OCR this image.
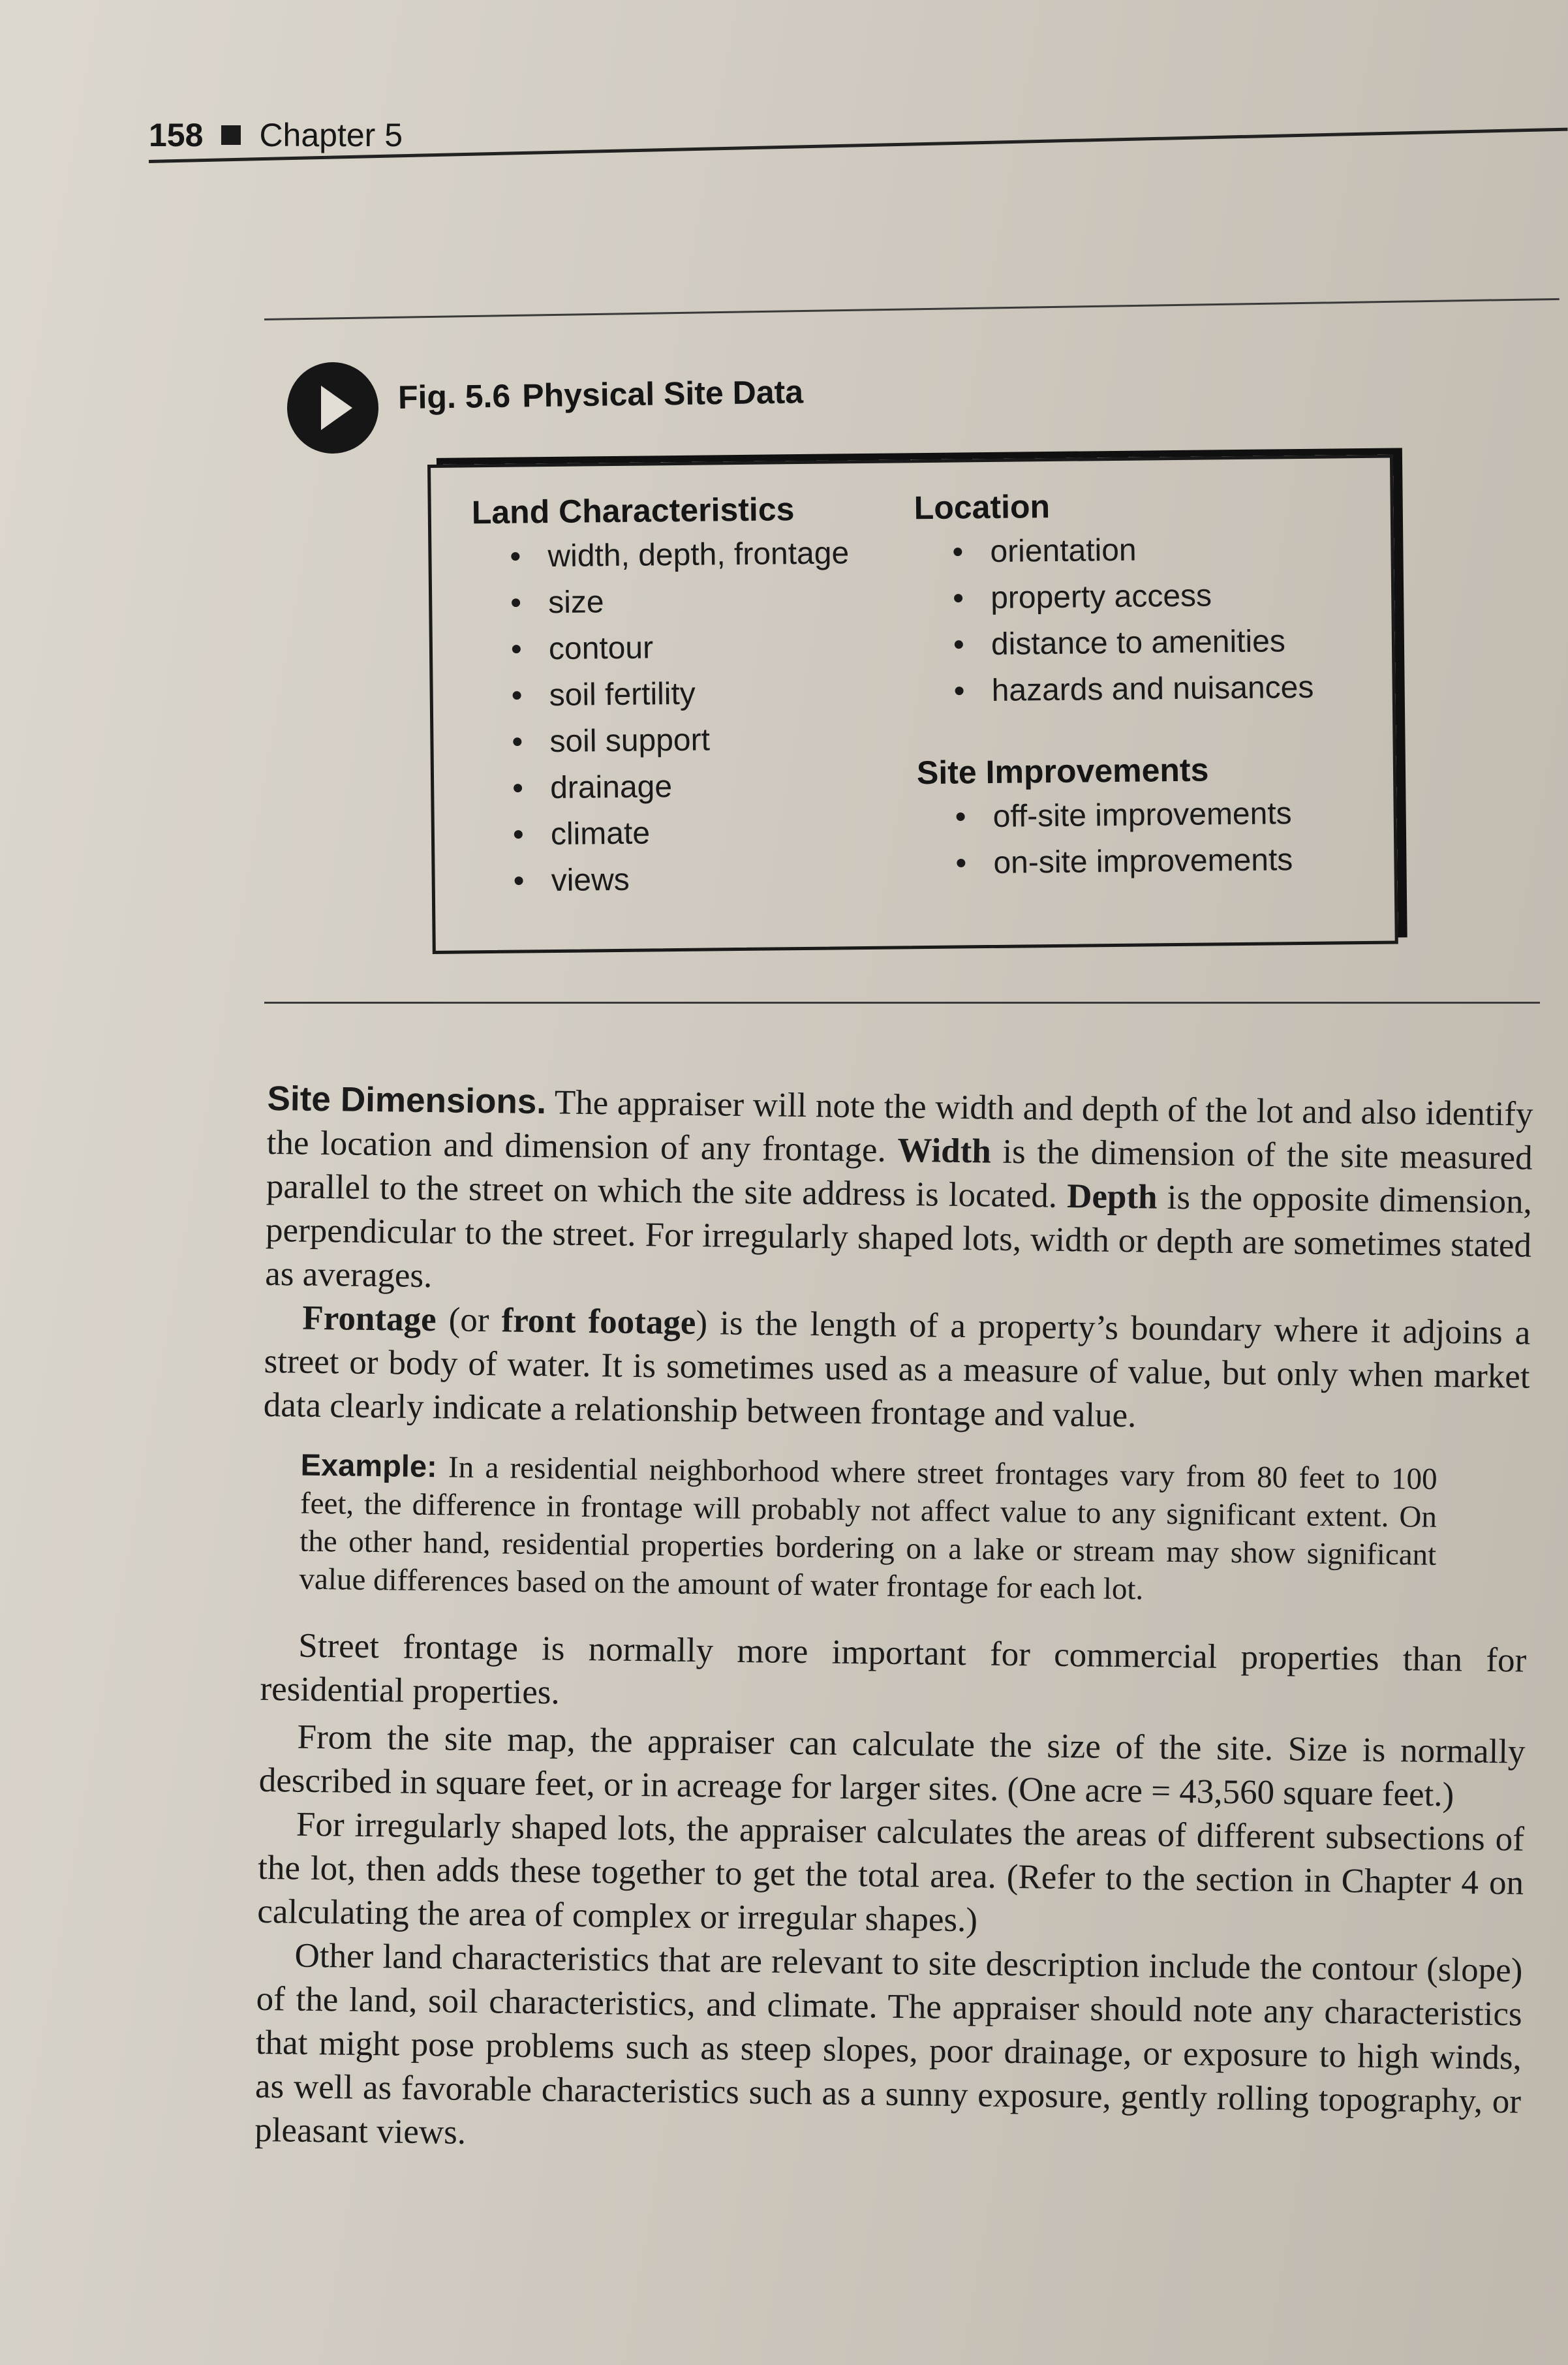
158 Chapter 5
Fig. 5.6 Physical Site Data
Land Characteristics
• width, depth, frontage
• size
• contour
• soil fertility
• soil support
• drainage
• climate
• views
Location
• orientation
• property access
• distance to amenities
• hazards and nuisances
Site Improvements
• off-site improvements
• on-site improvements

Site Dimensions. The appraiser will note the width and depth of the lot and also identify the location and dimension of any frontage. Width is the dimension of the site measured parallel to the street on which the site address is located. Depth is the opposite dimension, perpendicular to the street. For irregularly shaped lots, width or depth are sometimes stated as averages.

Frontage (or front footage) is the length of a property’s boundary where it adjoins a street or body of water. It is sometimes used as a measure of value, but only when market data clearly indicate a relationship between frontage and value.

Example: In a residential neighborhood where street frontages vary from 80 feet to 100 feet, the difference in frontage will probably not affect value to any significant extent. On the other hand, residential properties bordering on a lake or stream may show significant value differences based on the amount of water frontage for each lot.

Street frontage is normally more important for commercial properties than for residential properties.

From the site map, the appraiser can calculate the size of the site. Size is normally described in square feet, or in acreage for larger sites. (One acre = 43,560 square feet.)

For irregularly shaped lots, the appraiser calculates the areas of different subsections of the lot, then adds these together to get the total area. (Refer to the section in Chapter 4 on calculating the area of complex or irregular shapes.)

Other land characteristics that are relevant to site description include the contour (slope) of the land, soil characteristics, and climate. The appraiser should note any characteristics that might pose problems such as steep slopes, poor drainage, or exposure to high winds, as well as favorable characteristics such as a sunny exposure, gently rolling topography, or pleasant views.
